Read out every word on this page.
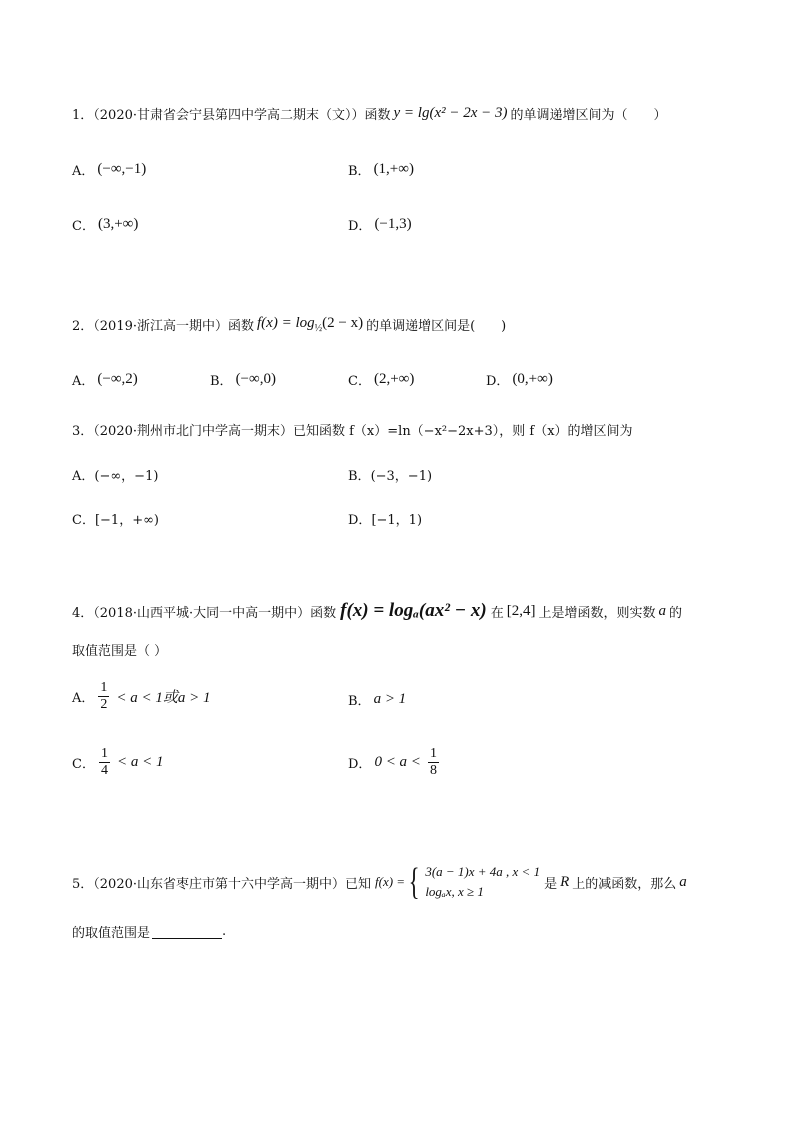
1．（2020·甘肃省会宁县第四中学高二期末（文））函数 y = lg(x² − 2x − 3) 的单调递增区间为（　　）
A． (−∞,−1)	B． (1,+∞)
C． (3,+∞)	D． (−1,3)
2．（2019·浙江高一期中）函数 $f(x) = \log_{\frac{1}{2}}(2 - x)$ 的单调递增区间是(　　)
A． (−∞,2)	B． (−∞,0)	C． (2,+∞)	D． (0,+∞)
3．（2020·荆州市北门中学高一期末）已知函数 f（x）=ln（−x²−2x+3），则 f（x）的增区间为
A． (−∞，−1)	B． (−3，−1)
C． [−1，+∞)	D． [−1，1)
4．（2018·山西平城·大同一中高一期中）函数 f(x) = logₐ(ax² − x) 在 [2,4] 上是增函数，则实数 a 的
取值范围是（ ）
A． $\frac{1}{2} < a < 1$或a > 1	B． a > 1
C． $\frac{1}{4} < a < 1$	D． $0 < a < \frac{1}{8}$
5．（2020·山东省枣庄市第十六中学高一期中）已知 f(x) = { 3(a − 1)x + 4a , x < 1
logₐx, x ≥ 1	是 R 上的减函数，那么 a
的取值范围是	.
